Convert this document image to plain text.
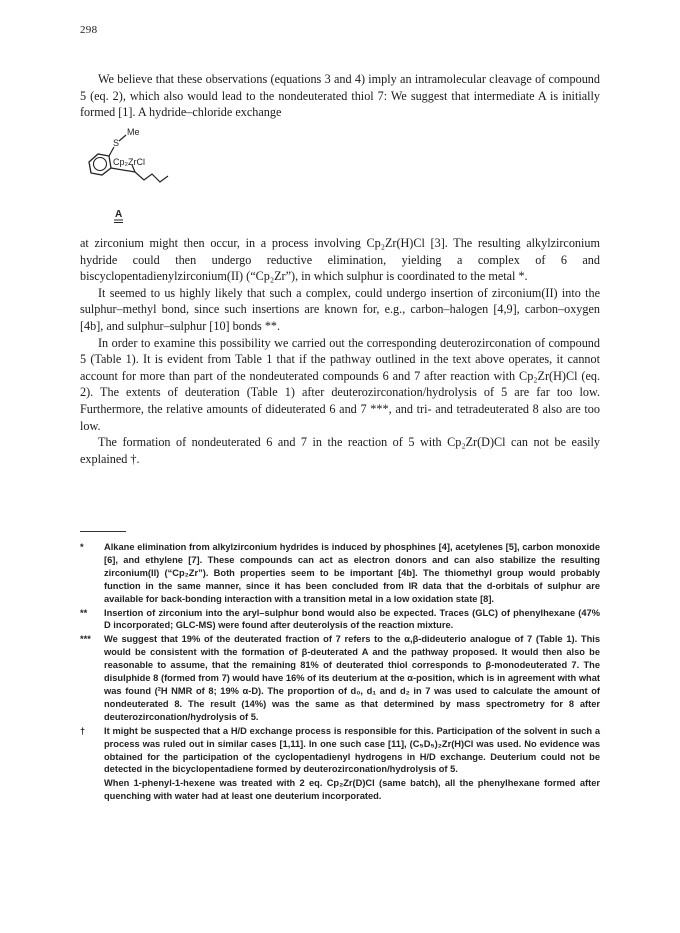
298

We believe that these observations (equations 3 and 4) imply an intramolecular cleavage of compound 5 (eq. 2), which also would lead to the nondeuterated thiol 7: We suggest that intermediate A is initially formed [1]. A hydride–chloride exchange

Me
S
Cp₂ZrCl
A

at zirconium might then occur, in a process involving Cp₂Zr(H)Cl [3]. The resulting alkylzirconium hydride could then undergo reductive elimination, yielding a complex of 6 and biscyclopentadienylzirconium(II) (“Cp₂Zr”), in which sulphur is coordinated to the metal *.

It seemed to us highly likely that such a complex, could undergo insertion of zirconium(II) into the sulphur–methyl bond, since such insertions are known for, e.g., carbon–halogen [4,9], carbon–oxygen [4b], and sulphur–sulphur [10] bonds **.

In order to examine this possibility we carried out the corresponding deuterozirconation of compound 5 (Table 1). It is evident from Table 1 that if the pathway outlined in the text above operates, it cannot account for more than part of the nondeuterated compounds 6 and 7 after reaction with Cp₂Zr(H)Cl (eq. 2). The extents of deuteration (Table 1) after deuterozirconation/hydrolysis of 5 are far too low. Furthermore, the relative amounts of dideuterated 6 and 7 ***, and tri- and tetradeuterated 8 also are too low.

The formation of nondeuterated 6 and 7 in the reaction of 5 with Cp₂Zr(D)Cl can not be easily explained †.

*	Alkane elimination from alkylzirconium hydrides is induced by phosphines [4], acetylenes [5], carbon monoxide [6], and ethylene [7]. These compounds can act as electron donors and can also stabilize the resulting zirconium(II) (“Cp₂Zr”). Both properties seem to be important [4b]. The thiomethyl group would probably function in the same manner, since it has been concluded from IR data that the d-orbitals of sulphur are available for back-bonding interaction with a transition metal in a low oxidation state [8].
**	Insertion of zirconium into the aryl–sulphur bond would also be expected. Traces (GLC) of phenylhexane (47% D incorporated; GLC-MS) were found after deuterolysis of the reaction mixture.
***	We suggest that 19% of the deuterated fraction of 7 refers to the α,β-dideuterio analogue of 7 (Table 1). This would be consistent with the formation of β-deuterated A and the pathway proposed. It would then also be reasonable to assume, that the remaining 81% of deuterated thiol corresponds to β-monodeuterated 7. The disulphide 8 (formed from 7) would have 16% of its deuterium at the α-position, which is in agreement with what was found (²H NMR of 8; 19% α-D). The proportion of d₀, d₁ and d₂ in 7 was used to calculate the amount of nondeuterated 8. The result (14%) was the same as that determined by mass spectrometry for 8 after deuterozirconation/hydrolysis of 5.
†	It might be suspected that a H/D exchange process is responsible for this. Participation of the solvent in such a process was ruled out in similar cases [1,11]. In one such case [11], (C₅D₅)₂Zr(H)Cl was used. No evidence was obtained for the participation of the cyclopentadienyl hydrogens in H/D exchange. Deuterium could not be detected in the bicyclopentadiene formed by deuterozirconation/hydrolysis of 5.
When 1-phenyl-1-hexene was treated with 2 eq. Cp₂Zr(D)Cl (same batch), all the phenylhexane formed after quenching with water had at least one deuterium incorporated.
